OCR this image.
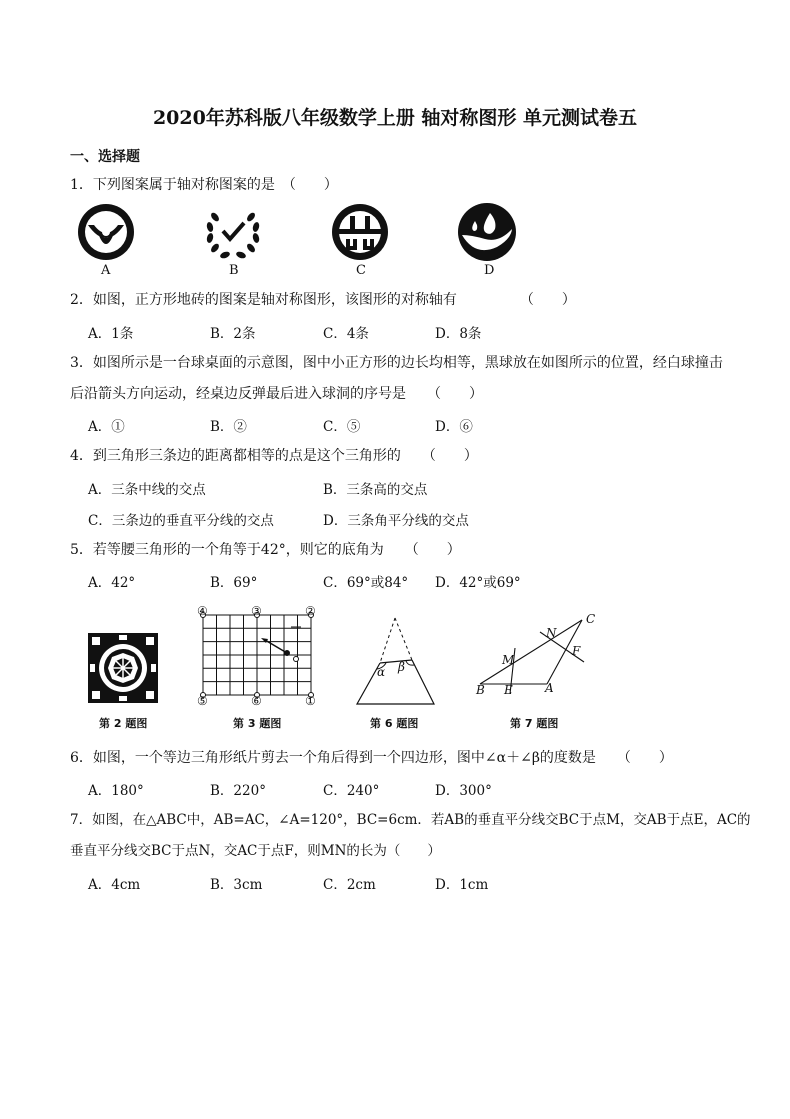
2020年苏科版八年级数学上册 轴对称图形 单元测试卷五
一、选择题
1．下列图案属于轴对称图案的是　（　　）
A	B	C	D
2．如图，正方形地砖的图案是轴对称图形，该图形的对称轴有　　　　　（　　）
A．1条	B．2条	C．4条	D．8条
3．如图所示是一台球桌面的示意图，图中小正方形的边长均相等，黑球放在如图所示的位置，经白球撞击
后沿箭头方向运动，经桌边反弹最后进入球洞的序号是　　（　　）
A．①	B．②	C．⑤	D．⑥
4．到三角形三条边的距离都相等的点是这个三角形的　　（　　）
A．三条中线的交点	B．三条高的交点
C．三条边的垂直平分线的交点	D．三条角平分线的交点
5．若等腰三角形的一个角等于42°，则它的底角为　　（　　）
A．42°	B．69°	C．69°或84° D．42°或69°
④	③	②
⑤	⑥	①
α β
B E	A
C
F
M
N
第 2 题图	第 3 题图	第 6 题图	第 7 题图
6．如图，一个等边三角形纸片剪去一个角后得到一个四边形，图中∠α＋∠β的度数是　　（　　）
A．180°	B．220°	C．240°	D．300°
7．如图，在△ABC中，AB=AC，∠A=120°，BC=6cm．若AB的垂直平分线交BC于点M，交AB于点E，AC的
垂直平分线交BC于点N，交AC于点F，则MN的长为（　　）
A．4cm	B．3cm	C．2cm	D．1cm
